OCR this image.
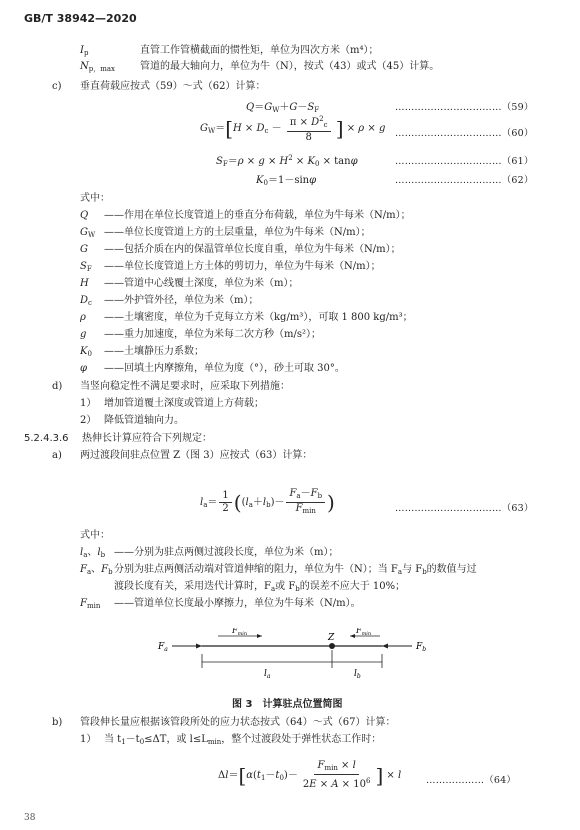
GB/T 38942—2020
$I_p$	直管工作管横截面的惯性矩，单位为四次方米（m⁴）；
$N_{p,max}$	管道的最大轴向力，单位为牛（N），按式（43）或式（45）计算。
c) 垂直荷载应按式（59）～式（62）计算：
$Q=G_W+G-S_F$	……………………………（59）
$G_W=[H \times D_c - \frac{\pi \times D^2_c}{8}$ ] × ρ × g ……………………………（60）
$S_F=\rho \times g \times H^2 \times K_0 \times \tan\varphi$	……………………………（61）
$K_0=1-\sin\varphi$	……………………………（62）
式中：
Q ——作用在单位长度管道上的垂直分布荷载，单位为牛每米（N/m）；
$G_W$ ——单位长度管道上方的土层重量，单位为牛每米（N/m）；
G ——包括介质在内的保温管单位长度自重，单位为牛每米（N/m）；
$S_F$ ——单位长度管道上方土体的剪切力，单位为牛每米（N/m）；
H ——管道中心线覆土深度，单位为米（m）；
$D_c$ ——外护管外径，单位为米（m）；
ρ ——土壤密度，单位为千克每立方米（kg/m³），可取 1 800 kg/m³；
g ——重力加速度，单位为米每二次方秒（m/s²）；
$K_0$ ——土壤静压力系数；
φ ——回填土内摩擦角，单位为度（°），砂土可取 30°。
d) 当竖向稳定性不满足要求时，应采取下列措施：
1） 增加管道覆土深度或管道上方荷载；
2） 降低管道轴向力。
5.2.4.3.6 热伸长计算应符合下列规定：
a) 两过渡段间驻点位置 Z（图 3）应按式（63）计算：
$l_a= \frac{1}{2} ((l_a+l_b)- \frac{F_a-F_b}{F_{min}}$ )	……………………………（63）
式中：
$l_a$、$l_b$ ——分别为驻点两侧过渡段长度，单位为米（m）；
$F_a$、$F_b$ 分别为驻点两侧活动端对管道伸缩的阻力，单位为牛（N）；当 $F_a$与 $F_b$的数值与过
渡段长度有关，采用迭代计算时，$F_a$或 $F_b$的误差不应大于 10%；
$F_{min}$ ——管道单位长度最小摩擦力，单位为牛每米（N/m）。
$F_a$	$F_b$
Z
$F_{min}$	$F_{min}$
$l_a$	$l_b$
图 3　计算驻点位置简图
b) 管段伸长量应根据该管段所处的应力状态按式（64）～式（67）计算：
1） 当 $t_1-t_0\le\Delta T$，或 $l\le L_{min}$，整个过渡段处于弹性状态工作时：
$\Delta l=[\alpha(t_1-t_0)- \frac{F_{min} \times l}{2E \times A \times 10^6}$ ] × l	………………（64）
38
